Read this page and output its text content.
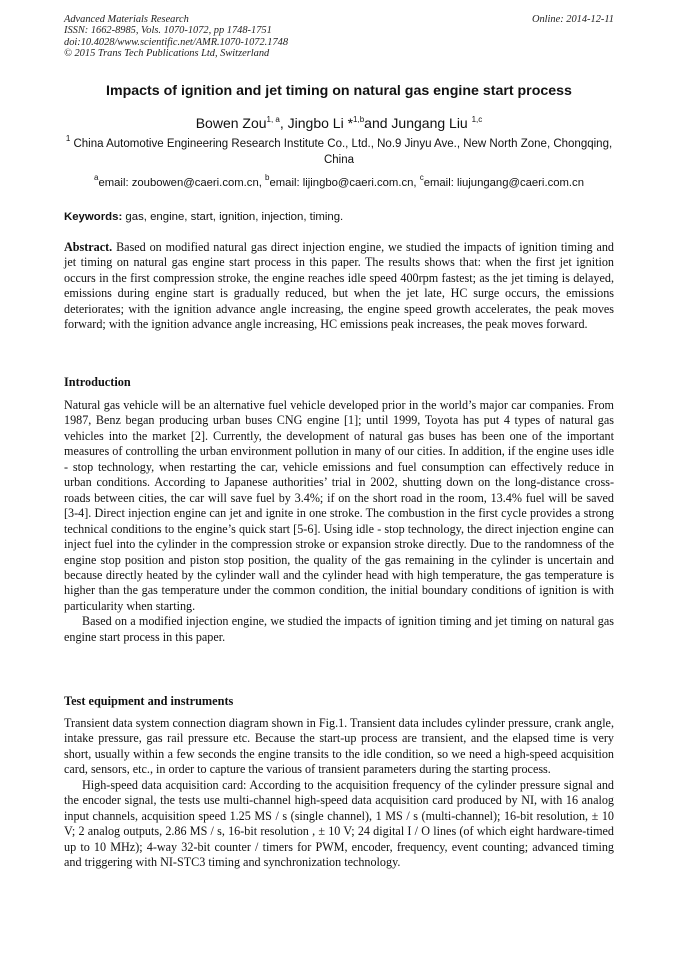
Advanced Materials Research
ISSN: 1662-8985, Vols. 1070-1072, pp 1748-1751
doi:10.4028/www.scientific.net/AMR.1070-1072.1748
© 2015 Trans Tech Publications Ltd, Switzerland
Online: 2014-12-11
Impacts of ignition and jet timing on natural gas engine start process
Bowen Zou$^{1, a}$, Jingbo Li *$^{1,b}$and Jungang Liu $^{1,c}$
$^1$ China Automotive Engineering Research Institute Co., Ltd., No.9 Jinyu Ave., New North Zone, Chongqing, China
$^a$email: zoubowen@caeri.com.cn, $^b$email: lijingbo@caeri.com.cn, $^c$email: liujungang@caeri.com.cn
Keywords: gas, engine, start, ignition, injection, timing.

Abstract. Based on modified natural gas direct injection engine, we studied the impacts of ignition timing and jet timing on natural gas engine start process in this paper. The results shows that: when the first jet ignition occurs in the first compression stroke, the engine reaches idle speed 400rpm fastest; as the jet timing is delayed, emissions during engine start is gradually reduced, but when the jet late, HC surge occurs, the emissions deteriorates; with the ignition advance angle increasing, the engine speed growth accelerates, the peak moves forward; with the ignition advance angle increasing, HC emissions peak increases, the peak moves forward.

Introduction

Natural gas vehicle will be an alternative fuel vehicle developed prior in the world’s major car companies. From 1987, Benz began producing urban buses CNG engine [1]; until 1999, Toyota has put 4 types of natural gas vehicles into the market [2]. Currently, the development of natural gas buses has been one of the important measures of controlling the urban environment pollution in many of our cities. In addition, if the engine uses idle - stop technology, when restarting the car, vehicle emissions and fuel consumption can effectively reduce in urban conditions. According to Japanese authorities’ trial in 2002, shutting down on the long-distance cross-roads between cities, the car will save fuel by 3.4%; if on the short road in the room, 13.4% fuel will be saved [3-4]. Direct injection engine can jet and ignite in one stroke. The combustion in the first cycle provides a strong technical conditions to the engine’s quick start [5-6]. Using idle - stop technology, the direct injection engine can inject fuel into the cylinder in the compression stroke or expansion stroke directly. Due to the randomness of the engine stop position and piston stop position, the quality of the gas remaining in the cylinder is uncertain and because directly heated by the cylinder wall and the cylinder head with high temperature, the gas temperature is higher than the gas temperature under the common condition, the initial boundary conditions of ignition is with particularity when starting.

Based on a modified injection engine, we studied the impacts of ignition timing and jet timing on natural gas engine start process in this paper.

Test equipment and instruments

Transient data system connection diagram shown in Fig.1. Transient data includes cylinder pressure, crank angle, intake pressure, gas rail pressure etc. Because the start-up process are transient, and the elapsed time is very short, usually within a few seconds the engine transits to the idle condition, so we need a high-speed acquisition card, sensors, etc., in order to capture the various of transient parameters during the starting process.

High-speed data acquisition card: According to the acquisition frequency of the cylinder pressure signal and the encoder signal, the tests use multi-channel high-speed data acquisition card produced by NI, with 16 analog input channels, acquisition speed 1.25 MS / s (single channel), 1 MS / s (multi-channel); 16-bit resolution, ± 10 V; 2 analog outputs, 2.86 MS / s, 16-bit resolution , ± 10 V; 24 digital I / O lines (of which eight hardware-timed up to 10 MHz); 4-way 32-bit counter / timers for PWM, encoder, frequency, event counting; advanced timing and triggering with NI-STC3 timing and synchronization technology.
